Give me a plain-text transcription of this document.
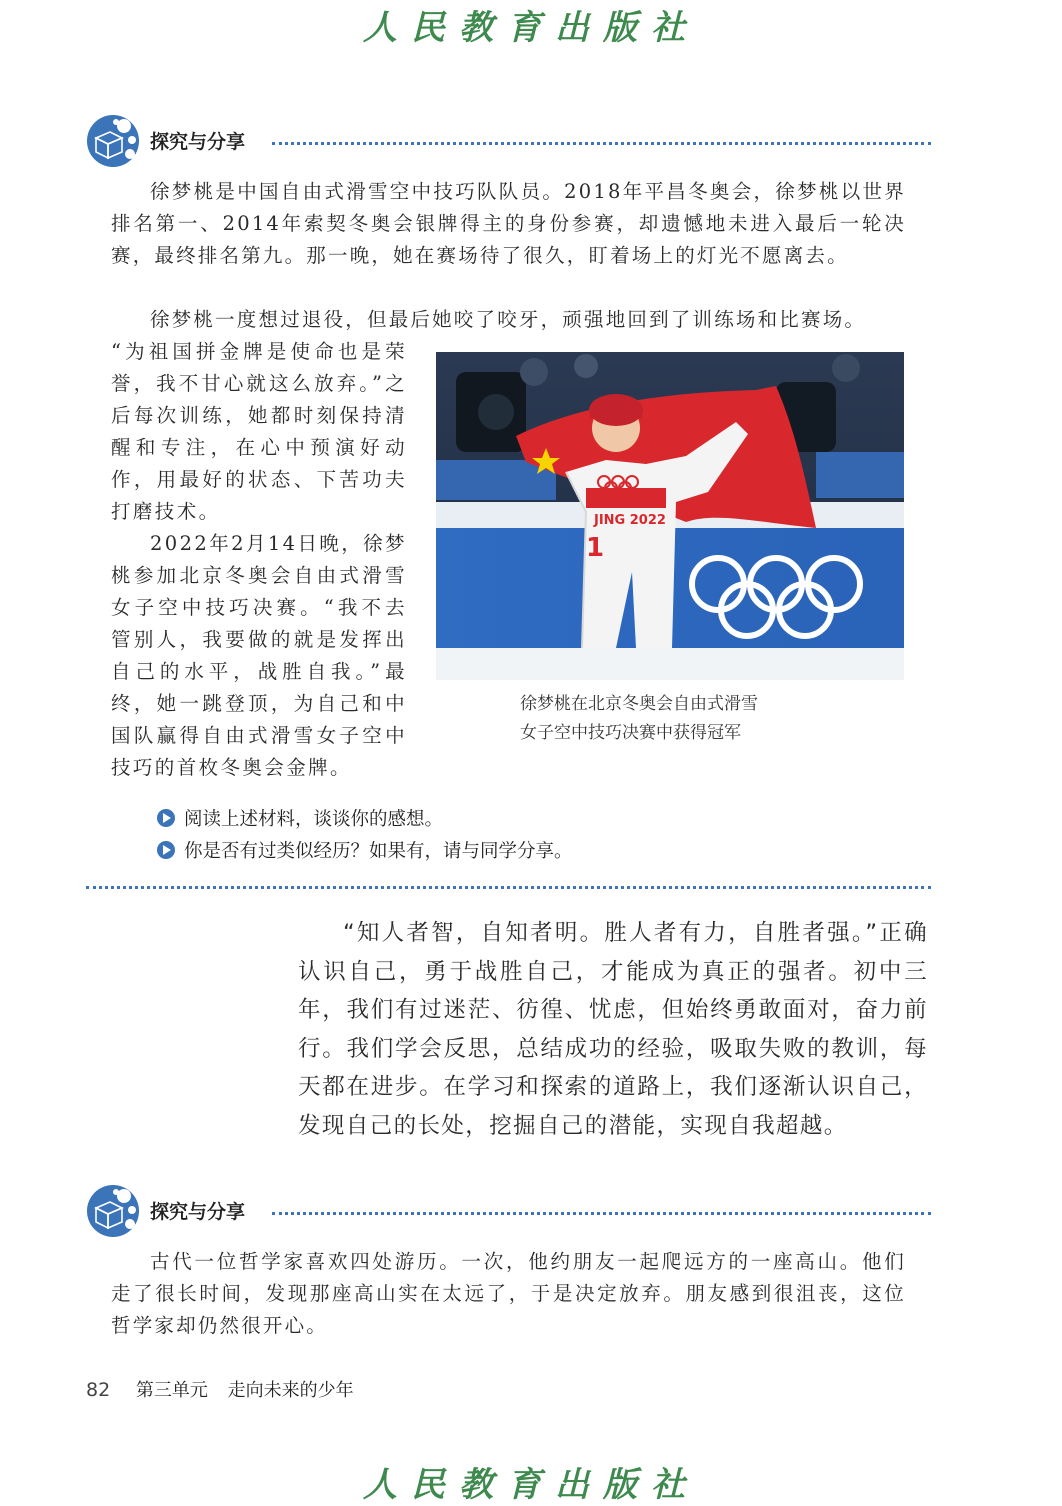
人民教育出版社
探究与分享

徐梦桃是中国自由式滑雪空中技巧队队员。2018年平昌冬奥会，徐梦桃以世界排名第一、2014年索契冬奥会银牌得主的身份参赛，却遗憾地未进入最后一轮决赛，最终排名第九。那一晚，她在赛场待了很久，盯着场上的灯光不愿离去。

徐梦桃一度想过退役，但最后她咬了咬牙，顽强地回到了训练场和比赛场。

“为祖国拼金牌是使命也是荣誉，我不甘心就这么放弃。”之后每次训练，她都时刻保持清醒和专注，在心中预演好动作，用最好的状态、下苦功夫打磨技术。

2022年2月14日晚，徐梦桃参加北京冬奥会自由式滑雪女子空中技巧决赛。“我不去管别人，我要做的就是发挥出自己的水平，战胜自我。”最终，她一跳登顶，为自己和中国队赢得自由式滑雪女子空中技巧的首枚冬奥会金牌。

JING 2022
1
徐梦桃在北京冬奥会自由式滑雪
女子空中技巧决赛中获得冠军
阅读上述材料，谈谈你的感想。
你是否有过类似经历？如果有，请与同学分享。

“知人者智，自知者明。胜人者有力，自胜者强。”正确认识自己，勇于战胜自己，才能成为真正的强者。初中三年，我们有过迷茫、彷徨、忧虑，但始终勇敢面对，奋力前行。我们学会反思，总结成功的经验，吸取失败的教训，每天都在进步。在学习和探索的道路上，我们逐渐认识自己，发现自己的长处，挖掘自己的潜能，实现自我超越。

探究与分享

古代一位哲学家喜欢四处游历。一次，他约朋友一起爬远方的一座高山。他们走了很长时间，发现那座高山实在太远了，于是决定放弃。朋友感到很沮丧，这位哲学家却仍然很开心。

82 第三单元 走向未来的少年
人民教育出版社
